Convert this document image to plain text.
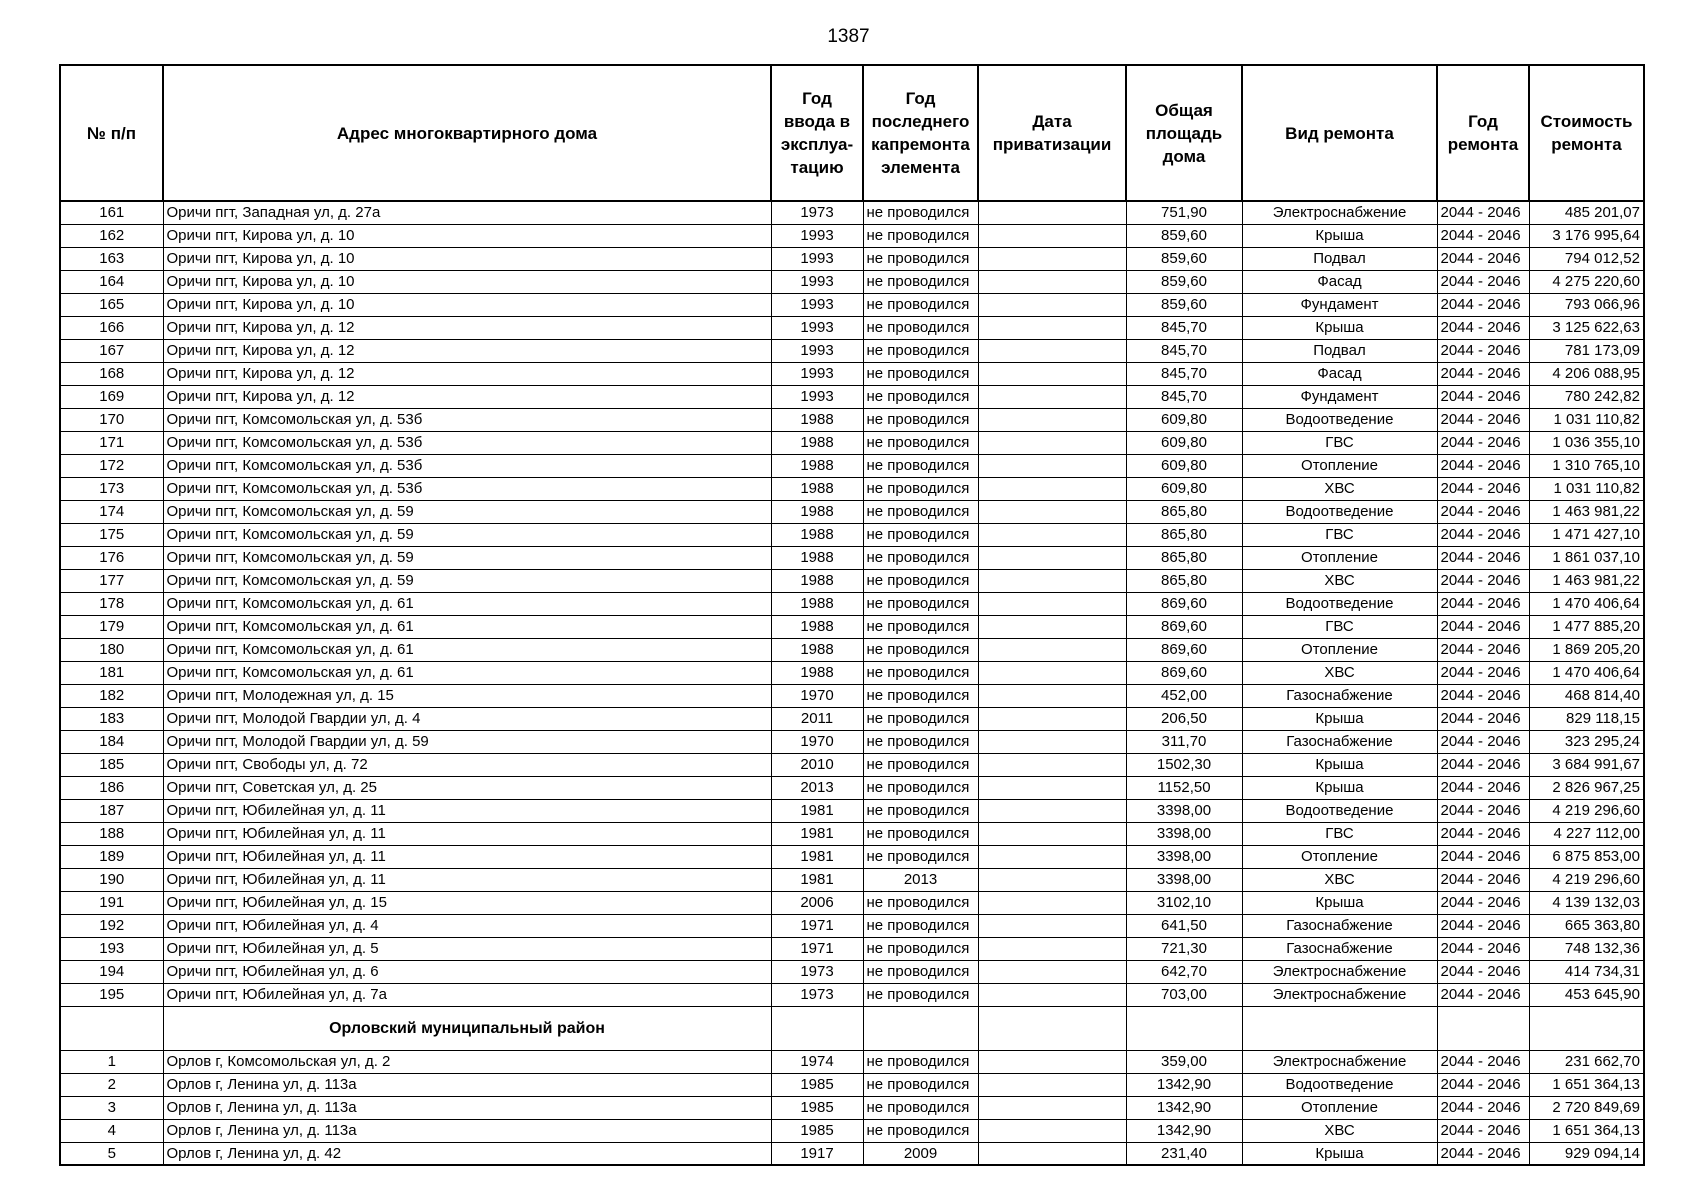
1387
№ п/п	Адрес многоквартирного дома	Год ввода в эксплуа-тацию	Год последнего капремонта элемента	Дата приватизации	Общая площадь дома	Вид ремонта	Год ремонта	Стоимость ремонта
161	Оричи пгт, Западная ул, д. 27а	1973	не проводился		751,90	Электроснабжение	2044 - 2046	485 201,07
162	Оричи пгт, Кирова ул, д. 10	1993	не проводился		859,60	Крыша	2044 - 2046	3 176 995,64
163	Оричи пгт, Кирова ул, д. 10	1993	не проводился		859,60	Подвал	2044 - 2046	794 012,52
164	Оричи пгт, Кирова ул, д. 10	1993	не проводился		859,60	Фасад	2044 - 2046	4 275 220,60
165	Оричи пгт, Кирова ул, д. 10	1993	не проводился		859,60	Фундамент	2044 - 2046	793 066,96
166	Оричи пгт, Кирова ул, д. 12	1993	не проводился		845,70	Крыша	2044 - 2046	3 125 622,63
167	Оричи пгт, Кирова ул, д. 12	1993	не проводился		845,70	Подвал	2044 - 2046	781 173,09
168	Оричи пгт, Кирова ул, д. 12	1993	не проводился		845,70	Фасад	2044 - 2046	4 206 088,95
169	Оричи пгт, Кирова ул, д. 12	1993	не проводился		845,70	Фундамент	2044 - 2046	780 242,82
170	Оричи пгт, Комсомольская ул, д. 53б	1988	не проводился		609,80	Водоотведение	2044 - 2046	1 031 110,82
171	Оричи пгт, Комсомольская ул, д. 53б	1988	не проводился		609,80	ГВС	2044 - 2046	1 036 355,10
172	Оричи пгт, Комсомольская ул, д. 53б	1988	не проводился		609,80	Отопление	2044 - 2046	1 310 765,10
173	Оричи пгт, Комсомольская ул, д. 53б	1988	не проводился		609,80	ХВС	2044 - 2046	1 031 110,82
174	Оричи пгт, Комсомольская ул, д. 59	1988	не проводился		865,80	Водоотведение	2044 - 2046	1 463 981,22
175	Оричи пгт, Комсомольская ул, д. 59	1988	не проводился		865,80	ГВС	2044 - 2046	1 471 427,10
176	Оричи пгт, Комсомольская ул, д. 59	1988	не проводился		865,80	Отопление	2044 - 2046	1 861 037,10
177	Оричи пгт, Комсомольская ул, д. 59	1988	не проводился		865,80	ХВС	2044 - 2046	1 463 981,22
178	Оричи пгт, Комсомольская ул, д. 61	1988	не проводился		869,60	Водоотведение	2044 - 2046	1 470 406,64
179	Оричи пгт, Комсомольская ул, д. 61	1988	не проводился		869,60	ГВС	2044 - 2046	1 477 885,20
180	Оричи пгт, Комсомольская ул, д. 61	1988	не проводился		869,60	Отопление	2044 - 2046	1 869 205,20
181	Оричи пгт, Комсомольская ул, д. 61	1988	не проводился		869,60	ХВС	2044 - 2046	1 470 406,64
182	Оричи пгт, Молодежная ул, д. 15	1970	не проводился		452,00	Газоснабжение	2044 - 2046	468 814,40
183	Оричи пгт, Молодой Гвардии ул, д. 4	2011	не проводился		206,50	Крыша	2044 - 2046	829 118,15
184	Оричи пгт, Молодой Гвардии ул, д. 59	1970	не проводился		311,70	Газоснабжение	2044 - 2046	323 295,24
185	Оричи пгт, Свободы ул, д. 72	2010	не проводился		1502,30	Крыша	2044 - 2046	3 684 991,67
186	Оричи пгт, Советская ул, д. 25	2013	не проводился		1152,50	Крыша	2044 - 2046	2 826 967,25
187	Оричи пгт, Юбилейная ул, д. 11	1981	не проводился		3398,00	Водоотведение	2044 - 2046	4 219 296,60
188	Оричи пгт, Юбилейная ул, д. 11	1981	не проводился		3398,00	ГВС	2044 - 2046	4 227 112,00
189	Оричи пгт, Юбилейная ул, д. 11	1981	не проводился		3398,00	Отопление	2044 - 2046	6 875 853,00
190	Оричи пгт, Юбилейная ул, д. 11	1981	2013		3398,00	ХВС	2044 - 2046	4 219 296,60
191	Оричи пгт, Юбилейная ул, д. 15	2006	не проводился		3102,10	Крыша	2044 - 2046	4 139 132,03
192	Оричи пгт, Юбилейная ул, д. 4	1971	не проводился		641,50	Газоснабжение	2044 - 2046	665 363,80
193	Оричи пгт, Юбилейная ул, д. 5	1971	не проводился		721,30	Газоснабжение	2044 - 2046	748 132,36
194	Оричи пгт, Юбилейная ул, д. 6	1973	не проводился		642,70	Электроснабжение	2044 - 2046	414 734,31
195	Оричи пгт, Юбилейная ул, д. 7а	1973	не проводился		703,00	Электроснабжение	2044 - 2046	453 645,90
	Орловский муниципальный район							
1	Орлов г, Комсомольская ул, д. 2	1974	не проводился		359,00	Электроснабжение	2044 - 2046	231 662,70
2	Орлов г, Ленина ул, д. 113а	1985	не проводился		1342,90	Водоотведение	2044 - 2046	1 651 364,13
3	Орлов г, Ленина ул, д. 113а	1985	не проводился		1342,90	Отопление	2044 - 2046	2 720 849,69
4	Орлов г, Ленина ул, д. 113а	1985	не проводился		1342,90	ХВС	2044 - 2046	1 651 364,13
5	Орлов г, Ленина ул, д. 42	1917	2009		231,40	Крыша	2044 - 2046	929 094,14
